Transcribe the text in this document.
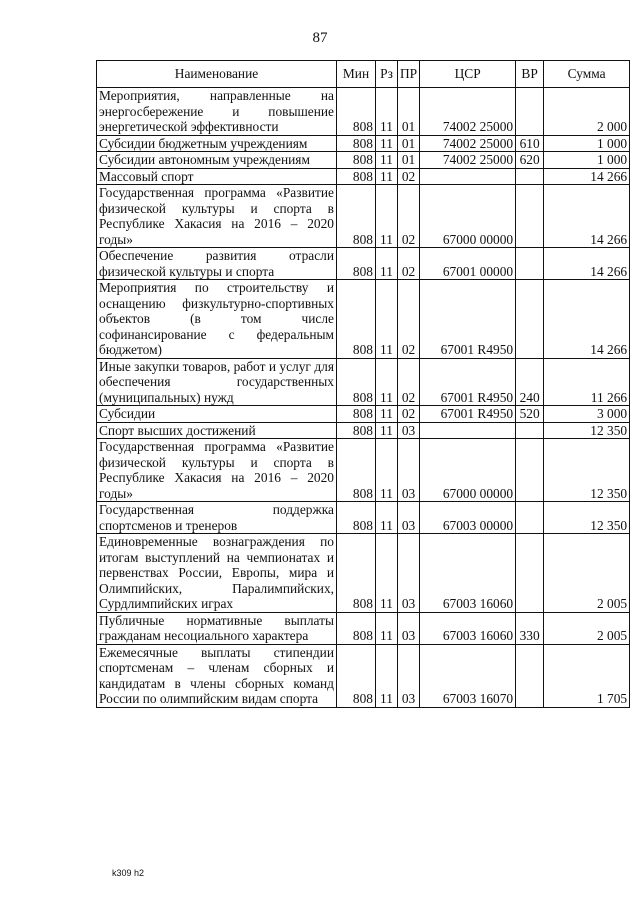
87
Наименование	Мин	Рз	ПР	ЦСР	ВР	Сумма
Мероприятия, направленные на энергосбережение и повышение энергетической эффективности	808	11	01	74002 25000		2 000
Субсидии бюджетным учреждениям	808	11	01	74002 25000	610	1 000
Субсидии автономным учреждениям	808	11	01	74002 25000	620	1 000
Массовый спорт	808	11	02			14 266
Государственная программа «Развитие физической культуры и спорта в Республике Хакасия на 2016 – 2020 годы»	808	11	02	67000 00000		14 266
Обеспечение развития отрасли физической культуры и спорта	808	11	02	67001 00000		14 266
Мероприятия по строительству и оснащению физкультурно-спортивных объектов (в том числе софинансирование с федеральным бюджетом)	808	11	02	67001 R4950		14 266
Иные закупки товаров, работ и услуг для обеспечения государственных (муниципальных) нужд	808	11	02	67001 R4950	240	11 266
Субсидии	808	11	02	67001 R4950	520	3 000
Спорт высших достижений	808	11	03			12 350
Государственная программа «Развитие физической культуры и спорта в Республике Хакасия на 2016 – 2020 годы»	808	11	03	67000 00000		12 350
Государственная поддержка спортсменов и тренеров	808	11	03	67003 00000		12 350
Единовременные вознаграждения по итогам выступлений на чемпионатах и первенствах России, Европы, мира и Олимпийских, Паралимпийских, Сурдлимпийских играх	808	11	03	67003 16060		2 005
Публичные нормативные выплаты гражданам несоциального характера	808	11	03	67003 16060	330	2 005
Ежемесячные выплаты стипендии спортсменам – членам сборных и кандидатам в члены сборных команд России по олимпийским видам спорта	808	11	03	67003 16070		1 705
k309 h2
